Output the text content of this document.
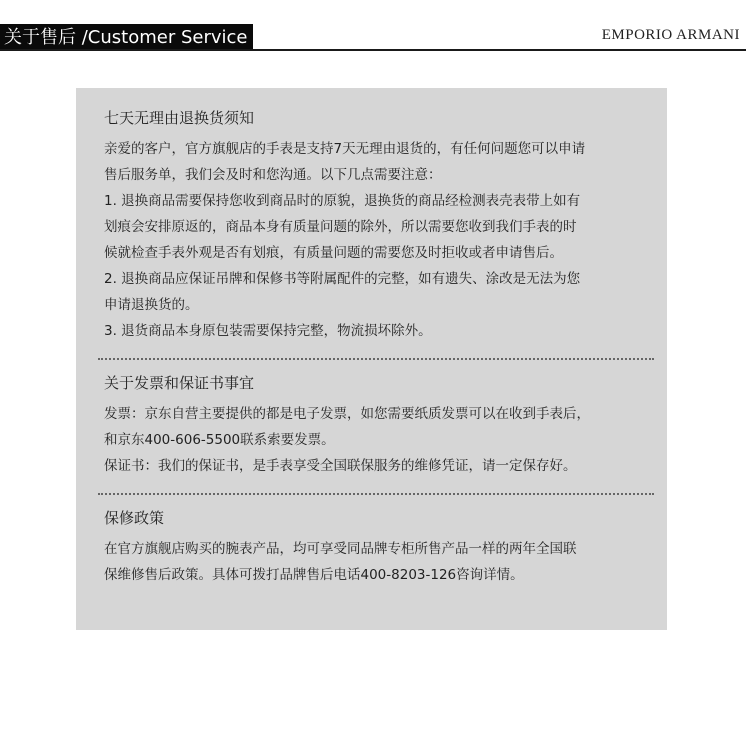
关于售后 /Customer Service	EMPORIO ARMANI
七天无理由退换货须知

亲爱的客户，官方旗舰店的手表是支持7天无理由退货的，有任何问题您可以申请

售后服务单，我们会及时和您沟通。以下几点需要注意：

1. 退换商品需要保持您收到商品时的原貌，退换货的商品经检测表壳表带上如有

划痕会安排原返的，商品本身有质量问题的除外，所以需要您收到我们手表的时

候就检查手表外观是否有划痕，有质量问题的需要您及时拒收或者申请售后。

2. 退换商品应保证吊牌和保修书等附属配件的完整，如有遗失、涂改是无法为您

申请退换货的。

3. 退货商品本身原包装需要保持完整，物流损坏除外。

关于发票和保证书事宜

发票：京东自营主要提供的都是电子发票，如您需要纸质发票可以在收到手表后，

和京东400-606-5500联系索要发票。

保证书：我们的保证书，是手表享受全国联保服务的维修凭证，请一定保存好。

保修政策

在官方旗舰店购买的腕表产品，均可享受同品牌专柜所售产品一样的两年全国联

保维修售后政策。具体可拨打品牌售后电话400-8203-126咨询详情。
